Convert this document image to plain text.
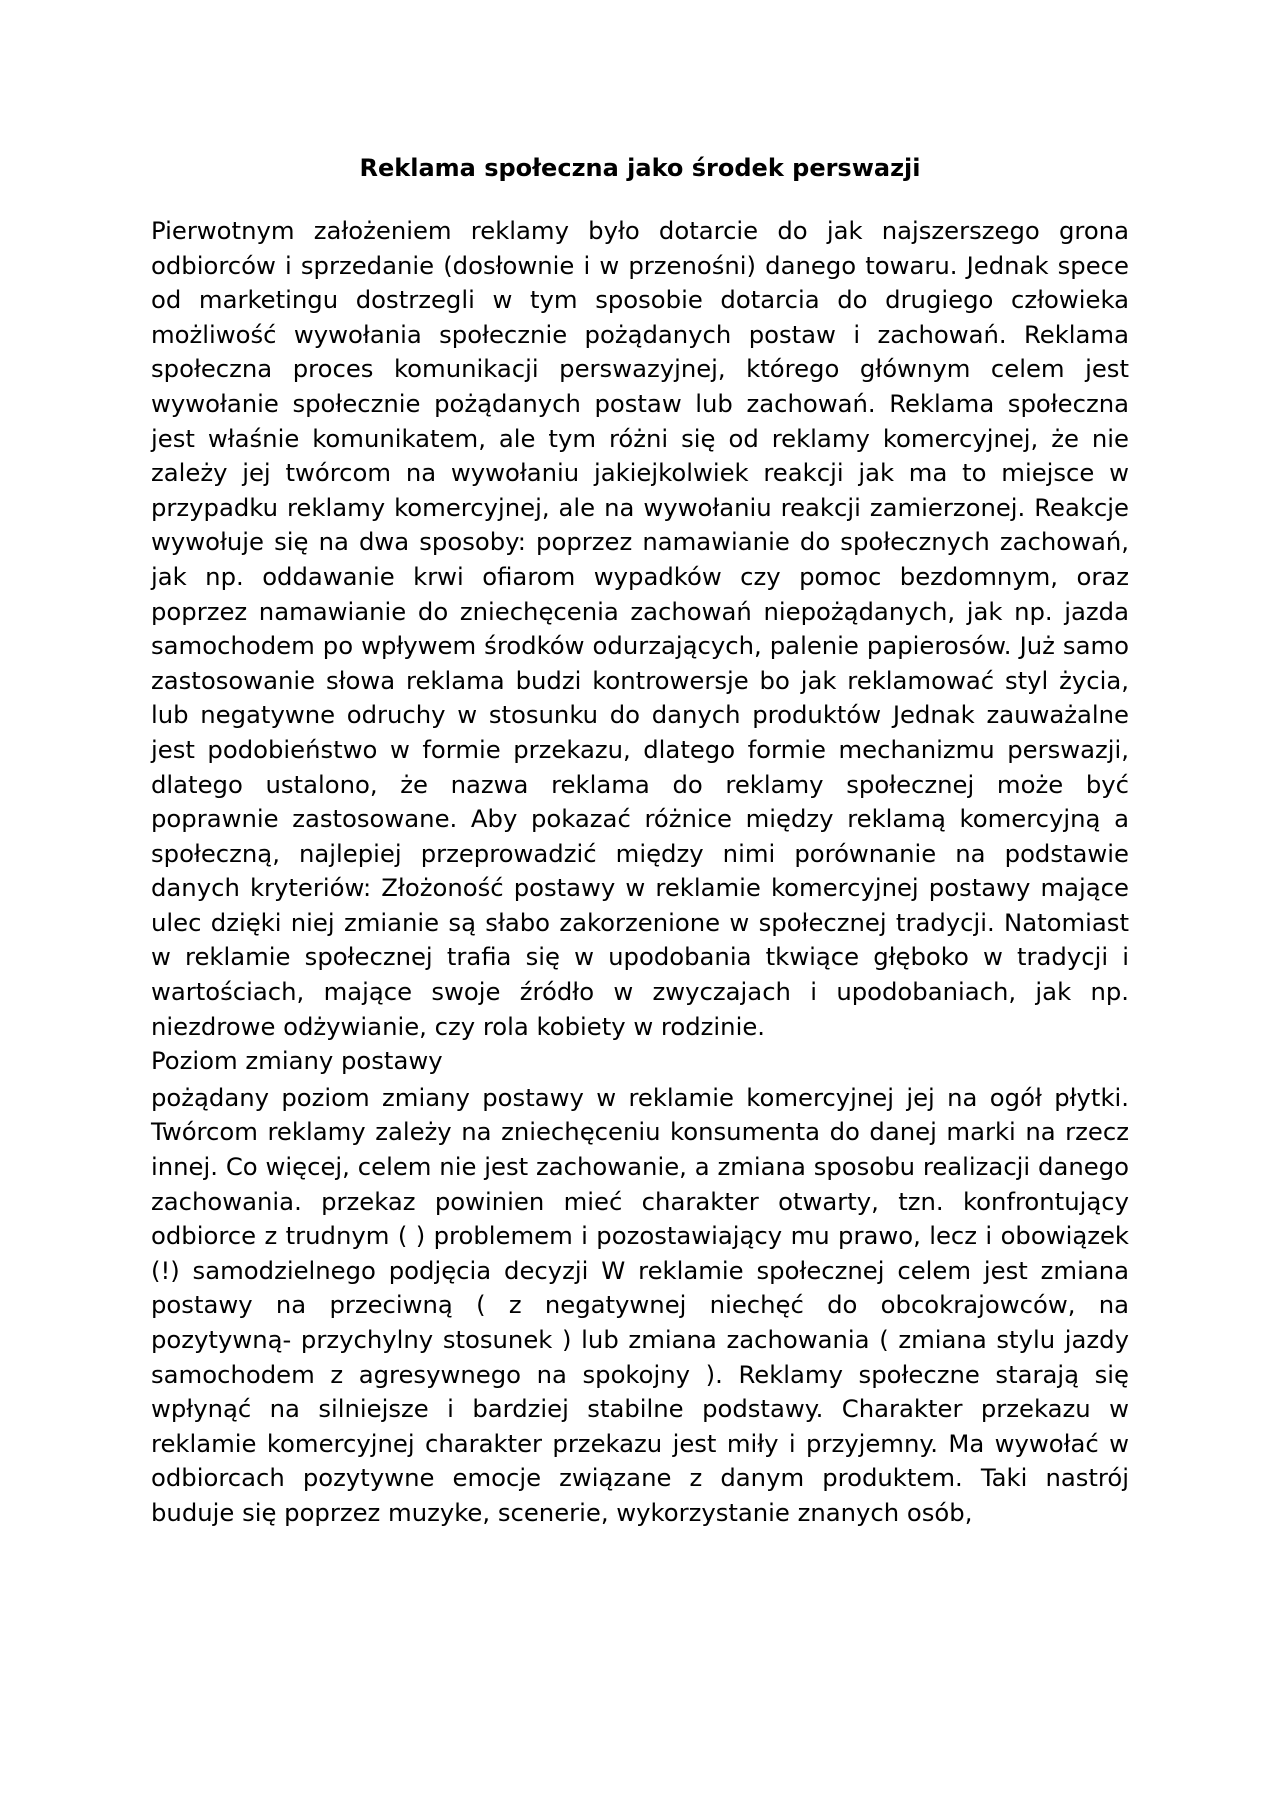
Reklama społeczna jako środek perswazji

Pierwotnym założeniem reklamy było dotarcie do jak najszerszego grona odbiorców i sprzedanie (dosłownie i w przenośni) danego towaru. Jednak spece od marketingu dostrzegli w tym sposobie dotarcia do drugiego człowieka możliwość wywołania społecznie pożądanych postaw i zachowań. Reklama społeczna proces komunikacji perswazyjnej, którego głównym celem jest wywołanie społecznie pożądanych postaw lub zachowań. Reklama społeczna jest właśnie komunikatem, ale tym różni się od reklamy komercyjnej, że nie zależy jej twórcom na wywołaniu jakiejkolwiek reakcji jak ma to miejsce w przypadku reklamy komercyjnej, ale na wywołaniu reakcji zamierzonej. Reakcje wywołuje się na dwa sposoby: poprzez namawianie do społecznych zachowań, jak np. oddawanie krwi ofiarom wypadków czy pomoc bezdomnym, oraz poprzez namawianie do zniechęcenia zachowań niepożądanych, jak np. jazda samochodem po wpływem środków odurzających, palenie papierosów. Już samo zastosowanie słowa reklama budzi kontrowersje bo jak reklamować styl życia, lub negatywne odruchy w stosunku do danych produktów Jednak zauważalne jest podobieństwo w formie przekazu, dlatego formie mechanizmu perswazji, dlatego ustalono, że nazwa reklama do reklamy społecznej może być poprawnie zastosowane. Aby pokazać różnice między reklamą komercyjną a społeczną, najlepiej przeprowadzić między nimi porównanie na podstawie danych kryteriów: Złożoność postawy w reklamie komercyjnej postawy mające ulec dzięki niej zmianie są słabo zakorzenione w społecznej tradycji. Natomiast w reklamie społecznej trafia się w upodobania tkwiące głęboko w tradycji i wartościach, mające swoje źródło w zwyczajach i upodobaniach, jak np. niezdrowe odżywianie, czy rola kobiety w rodzinie.

Poziom zmiany postawy

pożądany poziom zmiany postawy w reklamie komercyjnej jej na ogół płytki. Twórcom reklamy zależy na zniechęceniu konsumenta do danej marki na rzecz innej. Co więcej, celem nie jest zachowanie, a zmiana sposobu realizacji danego zachowania. przekaz powinien mieć charakter otwarty, tzn. konfrontujący odbiorce z trudnym ( ) problemem i pozostawiający mu prawo, lecz i obowiązek (!) samodzielnego podjęcia decyzji W reklamie społecznej celem jest zmiana postawy na przeciwną ( z negatywnej niechęć do obcokrajowców, na pozytywną- przychylny stosunek ) lub zmiana zachowania ( zmiana stylu jazdy samochodem z agresywnego na spokojny ). Reklamy społeczne starają się wpłynąć na silniejsze i bardziej stabilne podstawy. Charakter przekazu w reklamie komercyjnej charakter przekazu jest miły i przyjemny. Ma wywołać w odbiorcach pozytywne emocje związane z danym produktem. Taki nastrój buduje się poprzez muzyke, scenerie, wykorzystanie znanych osób,
